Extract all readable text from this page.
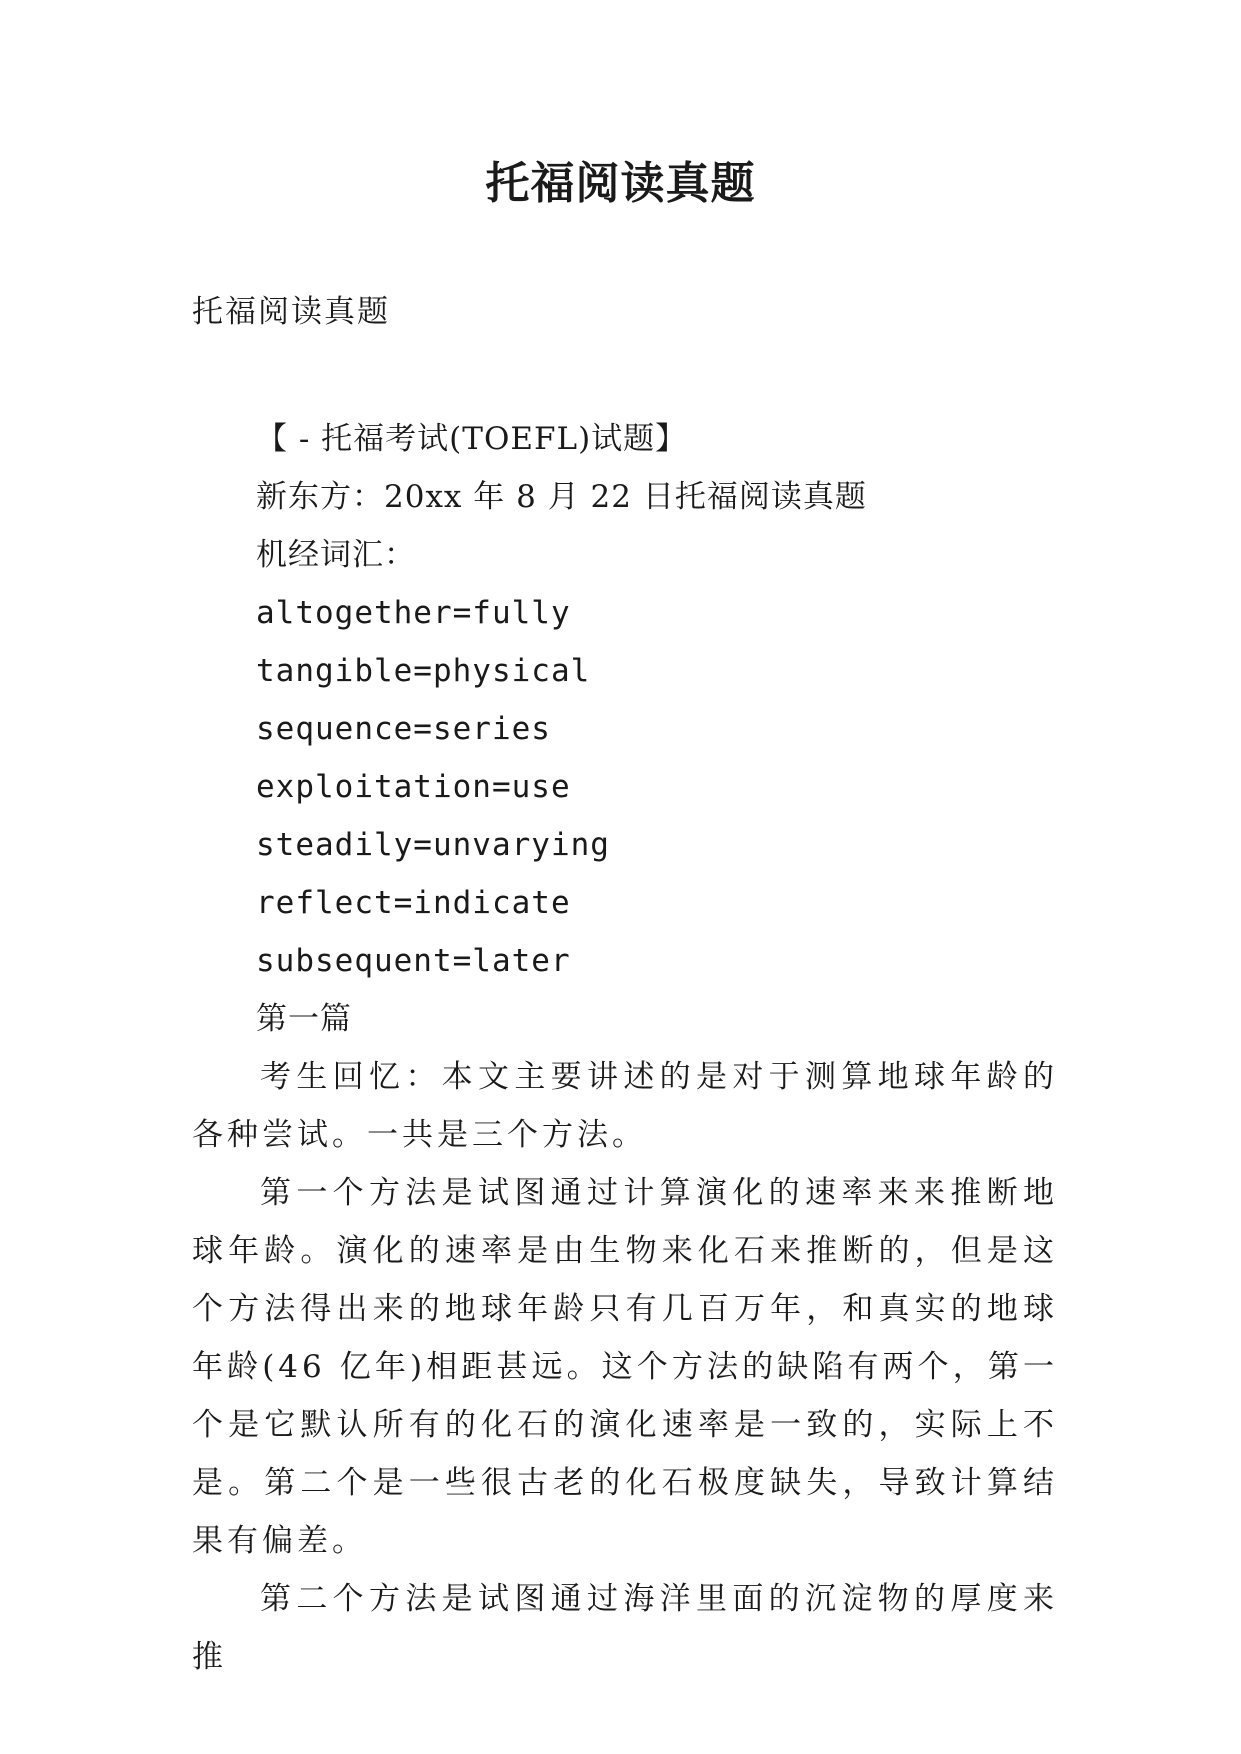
托福阅读真题
托福阅读真题
【 - 托福考试(TOEFL)试题】
新东方：20xx 年 8 月 22 日托福阅读真题
机经词汇：
altogether=fully
tangible=physical
sequence=series
exploitation=use
steadily=unvarying
reflect=indicate
subsequent=later
第一篇

考生回忆：本文主要讲述的是对于测算地球年龄的各种尝试。一共是三个方法。

第一个方法是试图通过计算演化的速率来来推断地球年龄。演化的速率是由生物来化石来推断的，但是这个方法得出来的地球年龄只有几百万年，和真实的地球年龄(46 亿年)相距甚远。这个方法的缺陷有两个，第一个是它默认所有的化石的演化速率是一致的，实际上不是。第二个是一些很古老的化石极度缺失，导致计算结果有偏差。

第二个方法是试图通过海洋里面的沉淀物的厚度来推
